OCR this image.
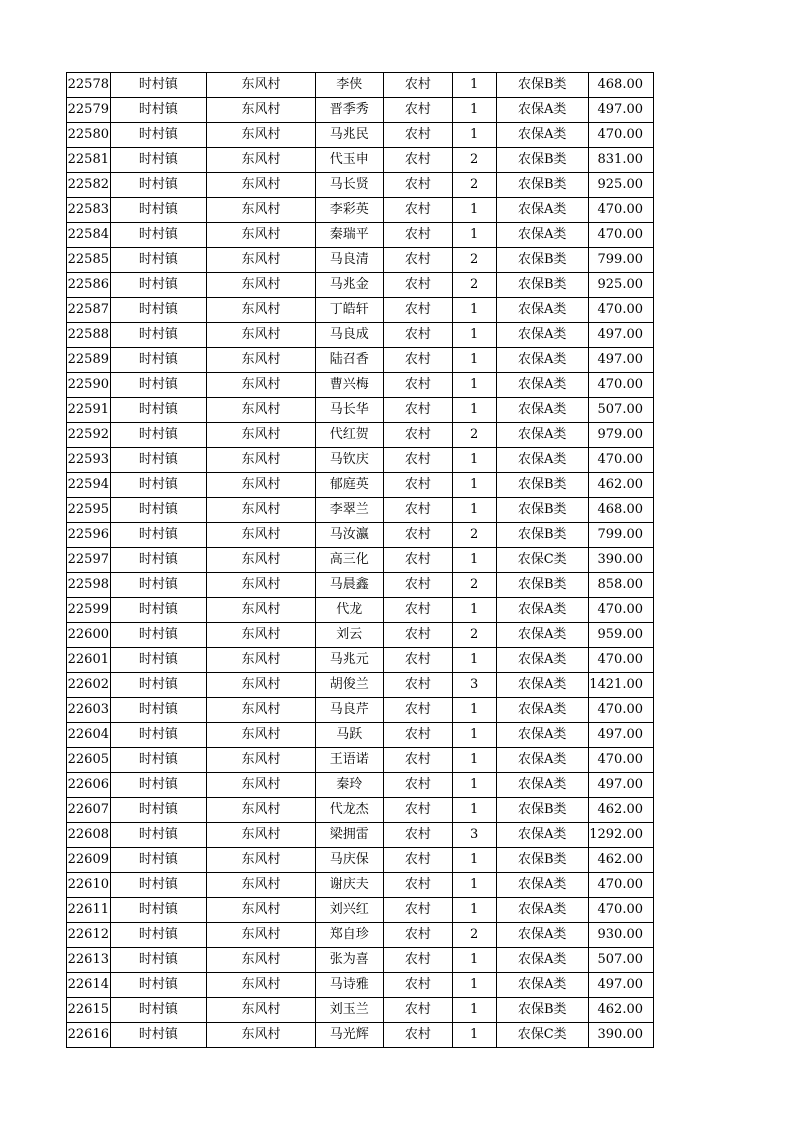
22578	时村镇	东风村	李侠	农村	1	农保B类	468.00
22579	时村镇	东风村	晋季秀	农村	1	农保A类	497.00
22580	时村镇	东风村	马兆民	农村	1	农保A类	470.00
22581	时村镇	东风村	代玉申	农村	2	农保B类	831.00
22582	时村镇	东风村	马长贤	农村	2	农保B类	925.00
22583	时村镇	东风村	李彩英	农村	1	农保A类	470.00
22584	时村镇	东风村	秦瑞平	农村	1	农保A类	470.00
22585	时村镇	东风村	马良清	农村	2	农保B类	799.00
22586	时村镇	东风村	马兆金	农村	2	农保B类	925.00
22587	时村镇	东风村	丁皓轩	农村	1	农保A类	470.00
22588	时村镇	东风村	马良成	农村	1	农保A类	497.00
22589	时村镇	东风村	陆召香	农村	1	农保A类	497.00
22590	时村镇	东风村	曹兴梅	农村	1	农保A类	470.00
22591	时村镇	东风村	马长华	农村	1	农保A类	507.00
22592	时村镇	东风村	代红贺	农村	2	农保A类	979.00
22593	时村镇	东风村	马钦庆	农村	1	农保A类	470.00
22594	时村镇	东风村	郁庭英	农村	1	农保B类	462.00
22595	时村镇	东风村	李翠兰	农村	1	农保B类	468.00
22596	时村镇	东风村	马汝瀛	农村	2	农保B类	799.00
22597	时村镇	东风村	高三化	农村	1	农保C类	390.00
22598	时村镇	东风村	马晨鑫	农村	2	农保B类	858.00
22599	时村镇	东风村	代龙	农村	1	农保A类	470.00
22600	时村镇	东风村	刘云	农村	2	农保A类	959.00
22601	时村镇	东风村	马兆元	农村	1	农保A类	470.00
22602	时村镇	东风村	胡俊兰	农村	3	农保A类	1421.00
22603	时村镇	东风村	马良芹	农村	1	农保A类	470.00
22604	时村镇	东风村	马跃	农村	1	农保A类	497.00
22605	时村镇	东风村	王语诺	农村	1	农保A类	470.00
22606	时村镇	东风村	秦玲	农村	1	农保A类	497.00
22607	时村镇	东风村	代龙杰	农村	1	农保B类	462.00
22608	时村镇	东风村	梁拥雷	农村	3	农保A类	1292.00
22609	时村镇	东风村	马庆保	农村	1	农保B类	462.00
22610	时村镇	东风村	谢庆夫	农村	1	农保A类	470.00
22611	时村镇	东风村	刘兴红	农村	1	农保A类	470.00
22612	时村镇	东风村	郑自珍	农村	2	农保A类	930.00
22613	时村镇	东风村	张为喜	农村	1	农保A类	507.00
22614	时村镇	东风村	马诗雅	农村	1	农保A类	497.00
22615	时村镇	东风村	刘玉兰	农村	1	农保B类	462.00
22616	时村镇	东风村	马光辉	农村	1	农保C类	390.00
